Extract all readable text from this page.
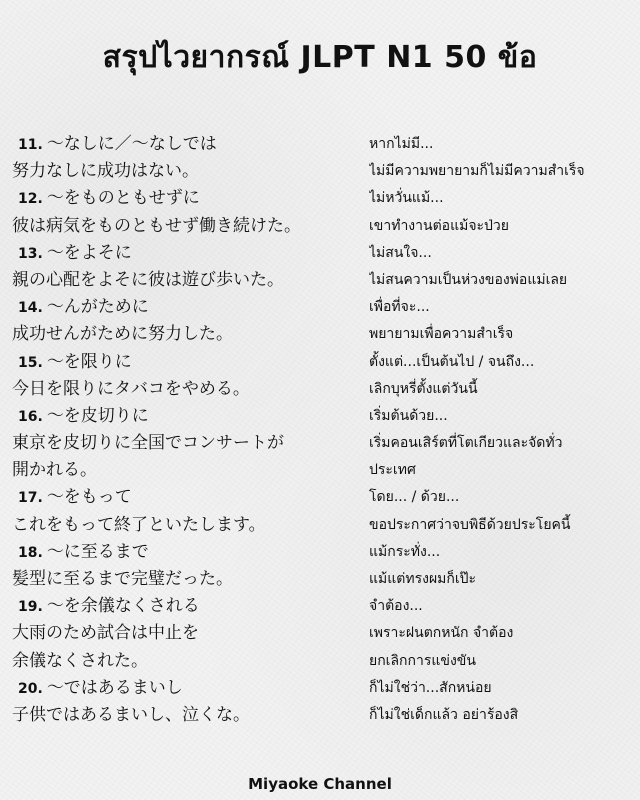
สรุปไวยากรณ์ JLPT N1 50 ข้อ
11. 〜なしに／〜なしでは
努力なしに成功はない。
12. 〜をものともせずに
彼は病気をものともせず働き続けた。
13. 〜をよそに
親の心配をよそに彼は遊び歩いた。
14. 〜んがために
成功せんがために努力した。
15. 〜を限りに
今日を限りにタバコをやめる。
16. 〜を皮切りに
東京を皮切りに全国でコンサートが
開かれる。
17. 〜をもって
これをもって終了といたします。
18. 〜に至るまで
髪型に至るまで完璧だった。
19. 〜を余儀なくされる
大雨のため試合は中止を
余儀なくされた。
20. 〜ではあるまいし
子供ではあるまいし、泣くな。
หากไม่มี...
ไม่มีความพยายามก็ไม่มีความสำเร็จ
ไม่หวั่นแม้...
เขาทำงานต่อแม้จะป่วย
ไม่สนใจ...
ไม่สนความเป็นห่วงของพ่อแม่เลย
เพื่อที่จะ...
พยายามเพื่อความสำเร็จ
ตั้งแต่...เป็นต้นไป / จนถึง...
เลิกบุหรี่ตั้งแต่วันนี้
เริ่มต้นด้วย...
เริ่มคอนเสิร์ตที่โตเกียวและจัดทั่ว
ประเทศ
โดย... / ด้วย...
ขอประกาศว่าจบพิธีด้วยประโยคนี้
แม้กระทั่ง...
แม้แต่ทรงผมก็เป๊ะ
จำต้อง...
เพราะฝนตกหนัก จำต้อง
ยกเลิกการแข่งขัน
ก็ไม่ใช่ว่า...สักหน่อย
ก็ไม่ใช่เด็กแล้ว อย่าร้องสิ
Miyaoke Channel
